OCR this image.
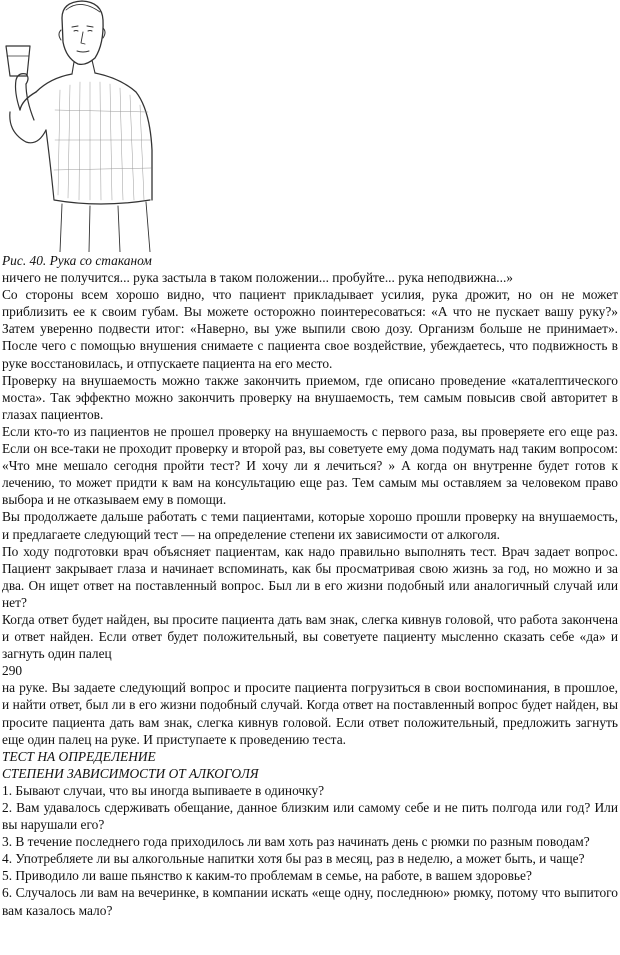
Рис. 40. Рука со стаканом

ничего не получится... рука застыла в таком положении... пробуйте... рука неподвижна...»

Со стороны всем хорошо видно, что пациент прикладывает усилия, рука дрожит, но он не может приблизить ее к своим губам. Вы можете осторожно поинтересоваться: «А что не пускает вашу руку?» Затем уверенно подвести итог: «Наверно, вы уже выпили свою дозу. Организм больше не принимает». После чего с помощью внушения снимаете с пациента свое воздействие, убеждаетесь, что подвижность в руке восстановилась, и отпускаете пациента на его место.

Проверку на внушаемость можно также закончить приемом, где описано проведение «каталептического моста». Так эффектно можно закончить проверку на внушаемость, тем самым повысив свой авторитет в глазах пациентов.

Если кто-то из пациентов не прошел проверку на внушаемость с первого раза, вы проверяете его еще раз. Если он все-таки не проходит проверку и второй раз, вы советуете ему дома подумать над таким вопросом: «Что мне мешало сегодня пройти тест? И хочу ли я лечиться? » А когда он внутренне будет готов к лечению, то может придти к вам на консультацию еще раз. Тем самым мы оставляем за человеком право выбора и не отказываем ему в помощи.

Вы продолжаете дальше работать с теми пациентами, которые хорошо прошли проверку на внушаемость, и предлагаете следующий тест — на определение степени их зависимости от алкоголя.

По ходу подготовки врач объясняет пациентам, как надо правильно выполнять тест. Врач задает вопрос. Пациент закрывает глаза и начинает вспоминать, как бы просматривая свою жизнь за год, но можно и за два. Он ищет ответ на поставленный вопрос. Был ли в его жизни подобный или аналогичный случай или нет?

Когда ответ будет найден, вы просите пациента дать вам знак, слегка кивнув головой, что работа закончена и ответ найден. Если ответ будет положительный, вы советуете пациенту мысленно сказать себе «да» и загнуть один палец

290

на руке. Вы задаете следующий вопрос и просите пациента погрузиться в свои воспоминания, в прошлое, и найти ответ, был ли в его жизни подобный случай. Когда ответ на поставленный вопрос будет найден, вы просите пациента дать вам знак, слегка кивнув головой. Если ответ положительный, предложить загнуть еще один палец на руке. И приступаете к проведению теста.

ТЕСТ НА ОПРЕДЕЛЕНИЕ

СТЕПЕНИ ЗАВИСИМОСТИ ОТ АЛКОГОЛЯ

1. Бывают случаи, что вы иногда выпиваете в одиночку?
2. Вам удавалось сдерживать обещание, данное близким или самому себе и не пить полгода или год? Или вы нарушали его?
3. В течение последнего года приходилось ли вам хоть раз начинать день с рюмки по разным поводам?
4. Употребляете ли вы алкогольные напитки хотя бы раз в месяц, раз в неделю, а может быть, и чаще?
5. Приводило ли ваше пьянство к каким-то проблемам в семье, на работе, в вашем здоровье?
6. Случалось ли вам на вечеринке, в компании искать «еще одну, последнюю» рюмку, потому что выпитого вам казалось мало?
